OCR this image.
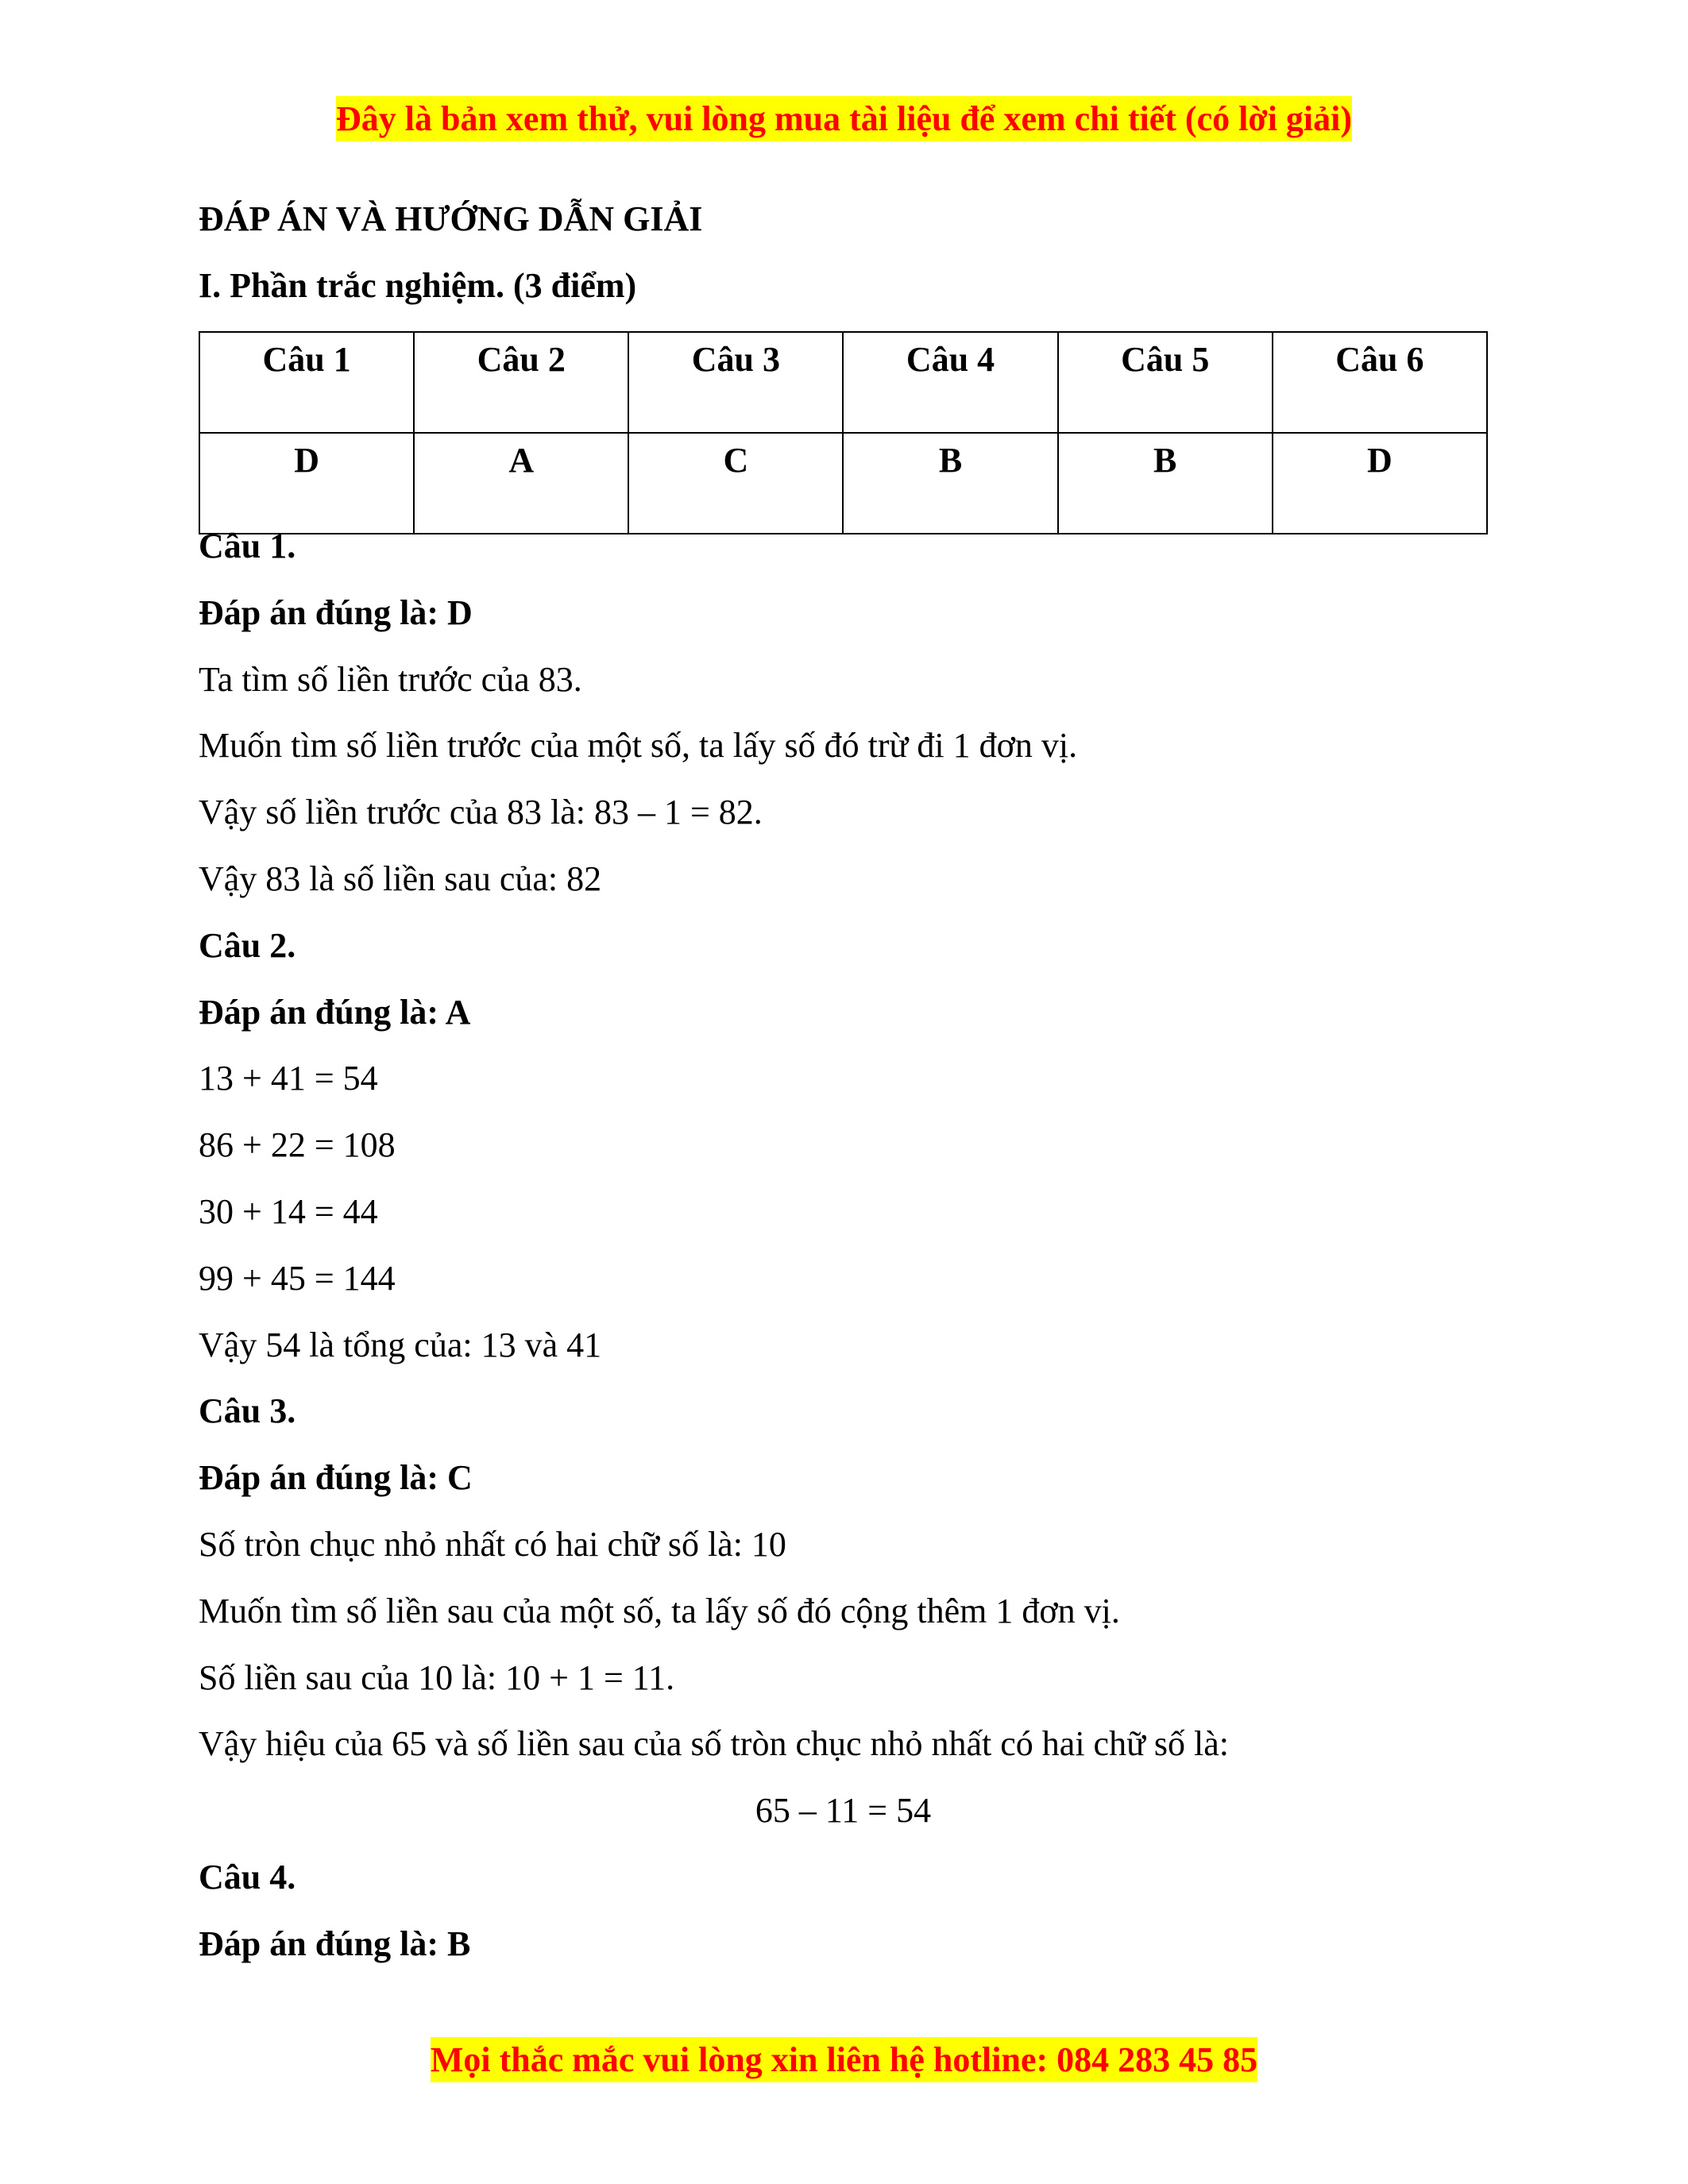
Đây là bản xem thử, vui lòng mua tài liệu để xem chi tiết (có lời giải)
ĐÁP ÁN VÀ HƯỚNG DẪN GIẢI
I. Phần trắc nghiệm. (3 điểm)
Câu 1	Câu 2	Câu 3	Câu 4	Câu 5	Câu 6
D	A	C	B	B	D
Câu 1.
Đáp án đúng là: D
Ta tìm số liền trước của 83.
Muốn tìm số liền trước của một số, ta lấy số đó trừ đi 1 đơn vị.
Vậy số liền trước của 83 là: 83 – 1 = 82.
Vậy 83 là số liền sau của: 82
Câu 2.
Đáp án đúng là: A
13 + 41 = 54
86 + 22 = 108
30 + 14 = 44
99 + 45 = 144
Vậy 54 là tổng của: 13 và 41
Câu 3.
Đáp án đúng là: C
Số tròn chục nhỏ nhất có hai chữ số là: 10
Muốn tìm số liền sau của một số, ta lấy số đó cộng thêm 1 đơn vị.
Số liền sau của 10 là: 10 + 1 = 11.
Vậy hiệu của 65 và số liền sau của số tròn chục nhỏ nhất có hai chữ số là:
65 – 11 = 54
Câu 4.
Đáp án đúng là: B
Mọi thắc mắc vui lòng xin liên hệ hotline: 084 283 45 85
